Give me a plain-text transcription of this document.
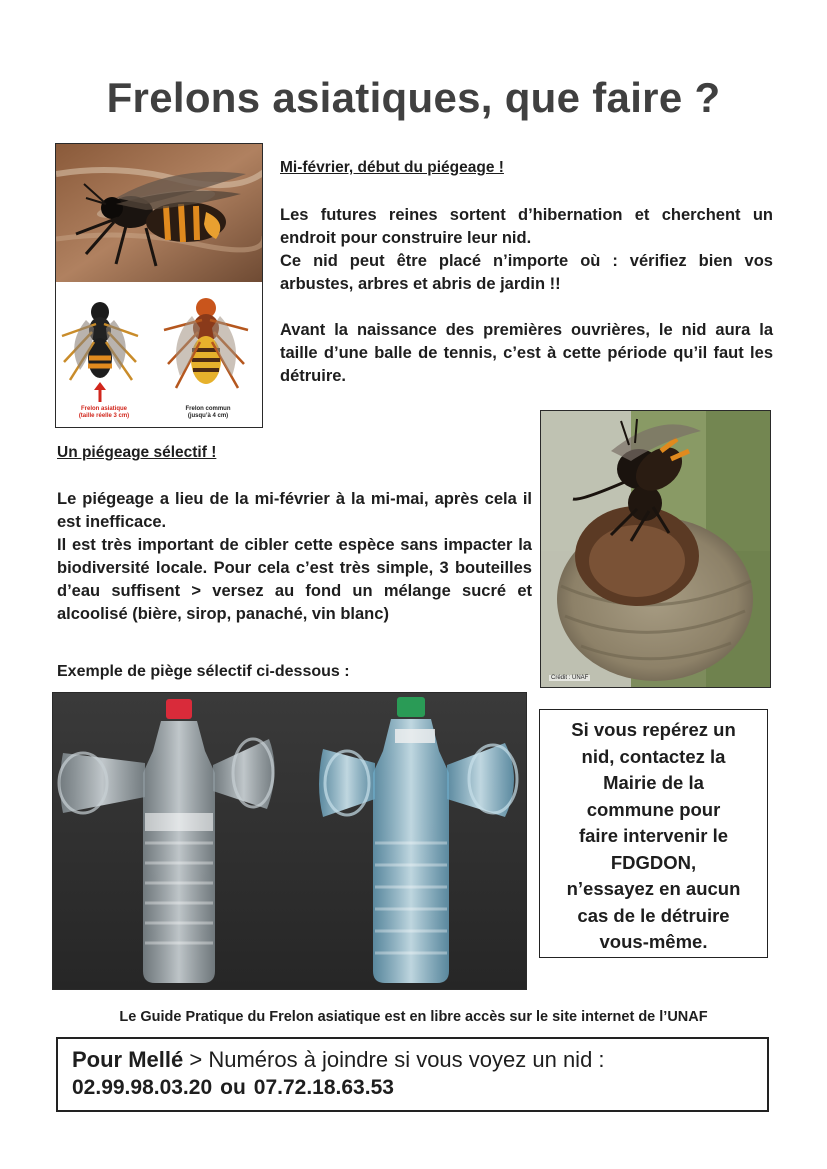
Frelons asiatiques, que faire ?
Frelon asiatique
(taille réelle 3 cm)
Frelon commun
(jusqu’à 4 cm)
Mi-février, début du piégeage !

Les futures reines sortent d’hibernation et cherchent un endroit pour construire leur nid.

Ce nid peut être placé n’importe où : vérifiez bien vos arbustes, arbres et abris de jardin !!

Avant la naissance des premières ouvrières, le nid aura la taille d’une balle de tennis, c’est à cette période qu’il faut les détruire.

Crédit : UNAF
Un piégeage sélectif !

Le piégeage a lieu de la mi-février à la mi-mai, après cela il est inefficace.

Il est très important de cibler cette espèce sans impacter la biodiversité locale. Pour cela c’est très simple, 3 bouteilles d’eau suffisent > versez au fond un mélange sucré et alcoolisé (bière, sirop, panaché, vin blanc)

Exemple de piège sélectif ci-dessous :
Si vous repérez un
nid, contactez la
Mairie de la
commune pour
faire intervenir le
FDGDON,
n’essayez en aucun
cas de le détruire
vous-même.
Le Guide Pratique du Frelon asiatique est en libre accès sur le site internet de l’UNAF
Pour Mellé > Numéros à joindre si vous voyez un nid :
02.99.98.03.20 ou 07.72.18.63.53
